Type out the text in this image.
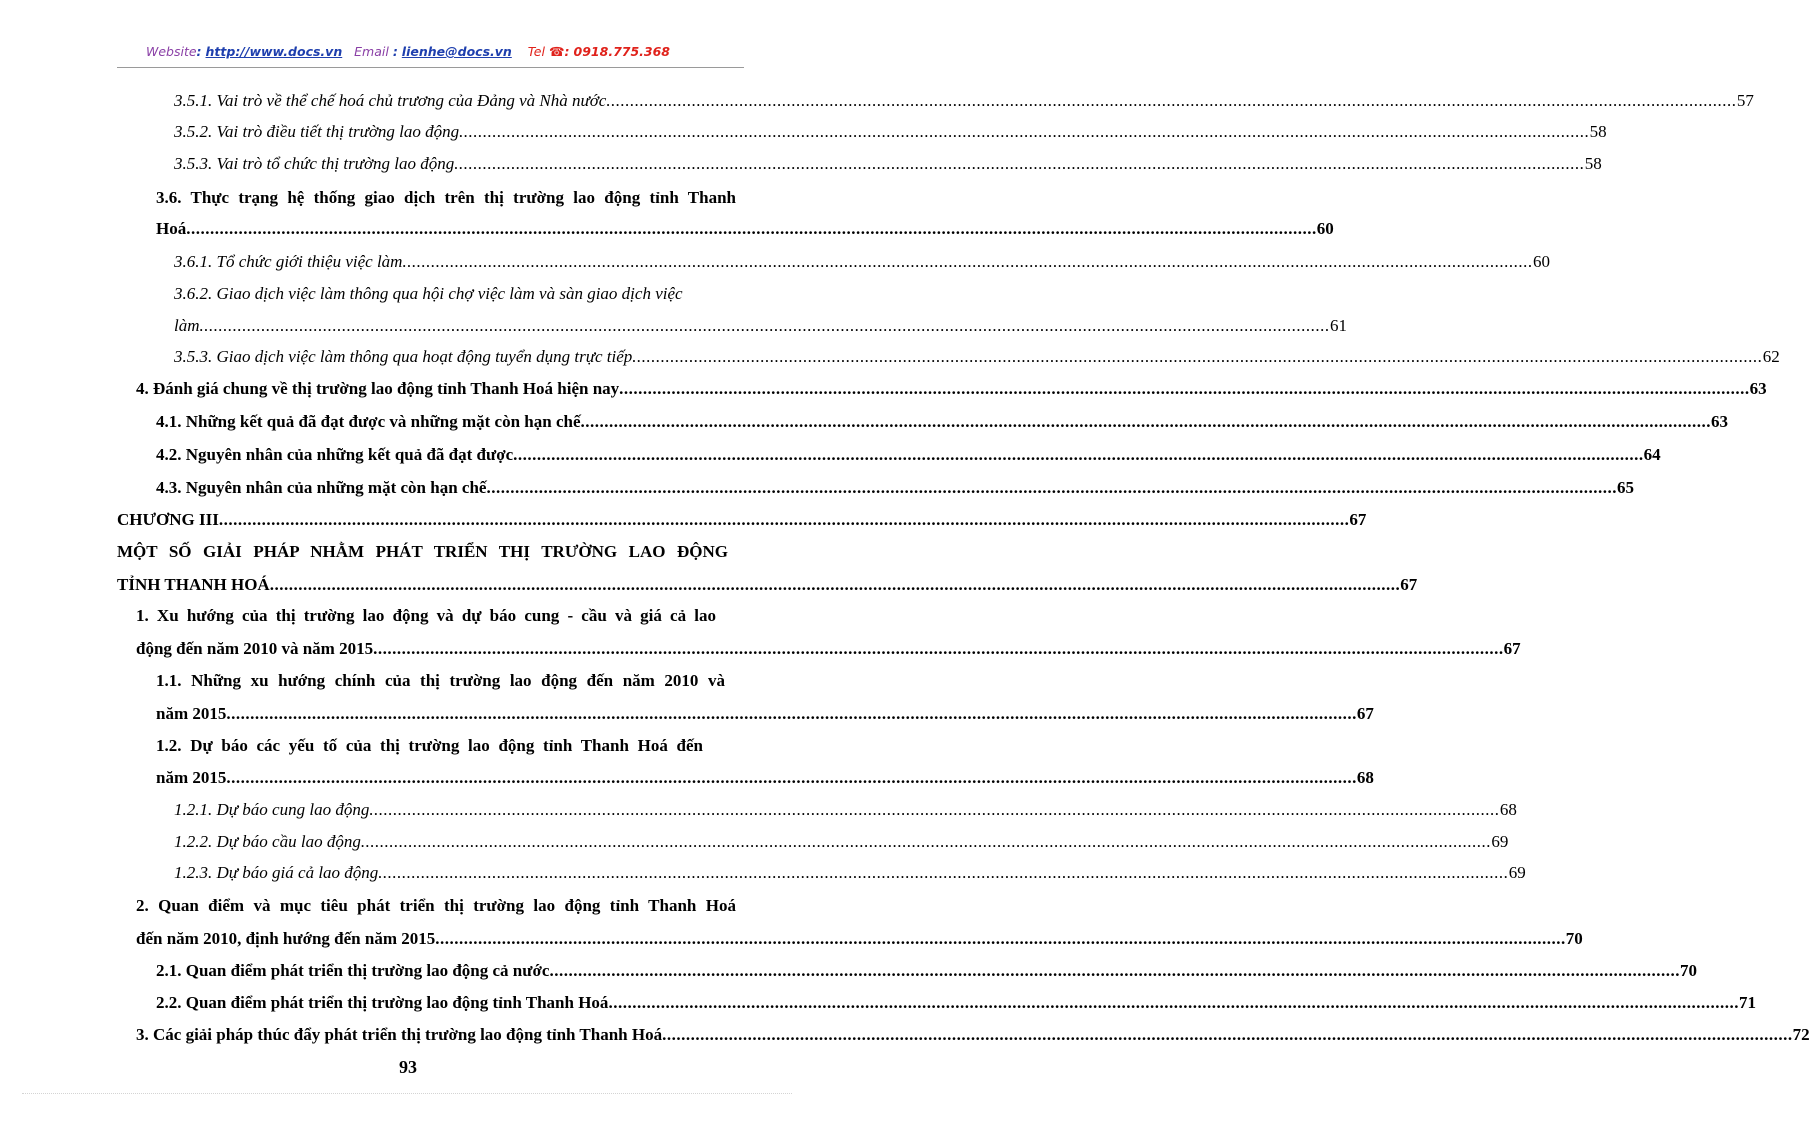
Website: http://www.docs.vn Email : lienhe@docs.vn Tel ☎: 0918.775.368
3.5.1. Vai trò về thể chế hoá chủ trương của Đảng và Nhà nước .............................................................................................................................................................................................................................................. 57
3.5.2. Vai trò điều tiết thị trường lao động .............................................................................................................................................................................................................................................. 58
3.5.3. Vai trò tổ chức thị trường lao động .............................................................................................................................................................................................................................................. 58
3.6. Thực trạng hệ thống giao dịch trên thị trường lao động tỉnh Thanh
Hoá .............................................................................................................................................................................................................................................. 60
3.6.1. Tổ chức giới thiệu việc làm .............................................................................................................................................................................................................................................. 60
3.6.2. Giao dịch việc làm thông qua hội chợ việc làm và sàn giao dịch việc
làm .............................................................................................................................................................................................................................................. 61
3.5.3. Giao dịch việc làm thông qua hoạt động tuyển dụng trực tiếp .............................................................................................................................................................................................................................................. 62
4. Đánh giá chung về thị trường lao động tỉnh Thanh Hoá hiện nay .............................................................................................................................................................................................................................................. 63
4.1. Những kết quả đã đạt được và những mặt còn hạn chế .............................................................................................................................................................................................................................................. 63
4.2. Nguyên nhân của những kết quả đã đạt được .............................................................................................................................................................................................................................................. 64
4.3. Nguyên nhân của những mặt còn hạn chế .............................................................................................................................................................................................................................................. 65
CHƯƠNG III .............................................................................................................................................................................................................................................. 67
MỘT SỐ GIẢI PHÁP NHẰM PHÁT TRIỂN THỊ TRƯỜNG LAO ĐỘNG
TỈNH THANH HOÁ .............................................................................................................................................................................................................................................. 67
1. Xu hướng của thị trường lao động và dự báo cung - cầu và giá cả lao
động đến năm 2010 và năm 2015 .............................................................................................................................................................................................................................................. 67
1.1. Những xu hướng chính của thị trường lao động đến năm 2010 và
năm 2015 .............................................................................................................................................................................................................................................. 67
1.2. Dự báo các yếu tố của thị trường lao động tỉnh Thanh Hoá đến
năm 2015 .............................................................................................................................................................................................................................................. 68
1.2.1. Dự báo cung lao động .............................................................................................................................................................................................................................................. 68
1.2.2. Dự báo cầu lao động .............................................................................................................................................................................................................................................. 69
1.2.3. Dự báo giá cả lao động .............................................................................................................................................................................................................................................. 69
2. Quan điểm và mục tiêu phát triển thị trường lao động tỉnh Thanh Hoá
đến năm 2010, định hướng đến năm 2015 .............................................................................................................................................................................................................................................. 70
2.1. Quan điểm phát triển thị trường lao động cả nước .............................................................................................................................................................................................................................................. 70
2.2. Quan điểm phát triển thị trường lao động tỉnh Thanh Hoá .............................................................................................................................................................................................................................................. 71
3. Các giải pháp thúc đẩy phát triển thị trường lao động tỉnh Thanh Hoá .............................................................................................................................................................................................................................................. 72
93
